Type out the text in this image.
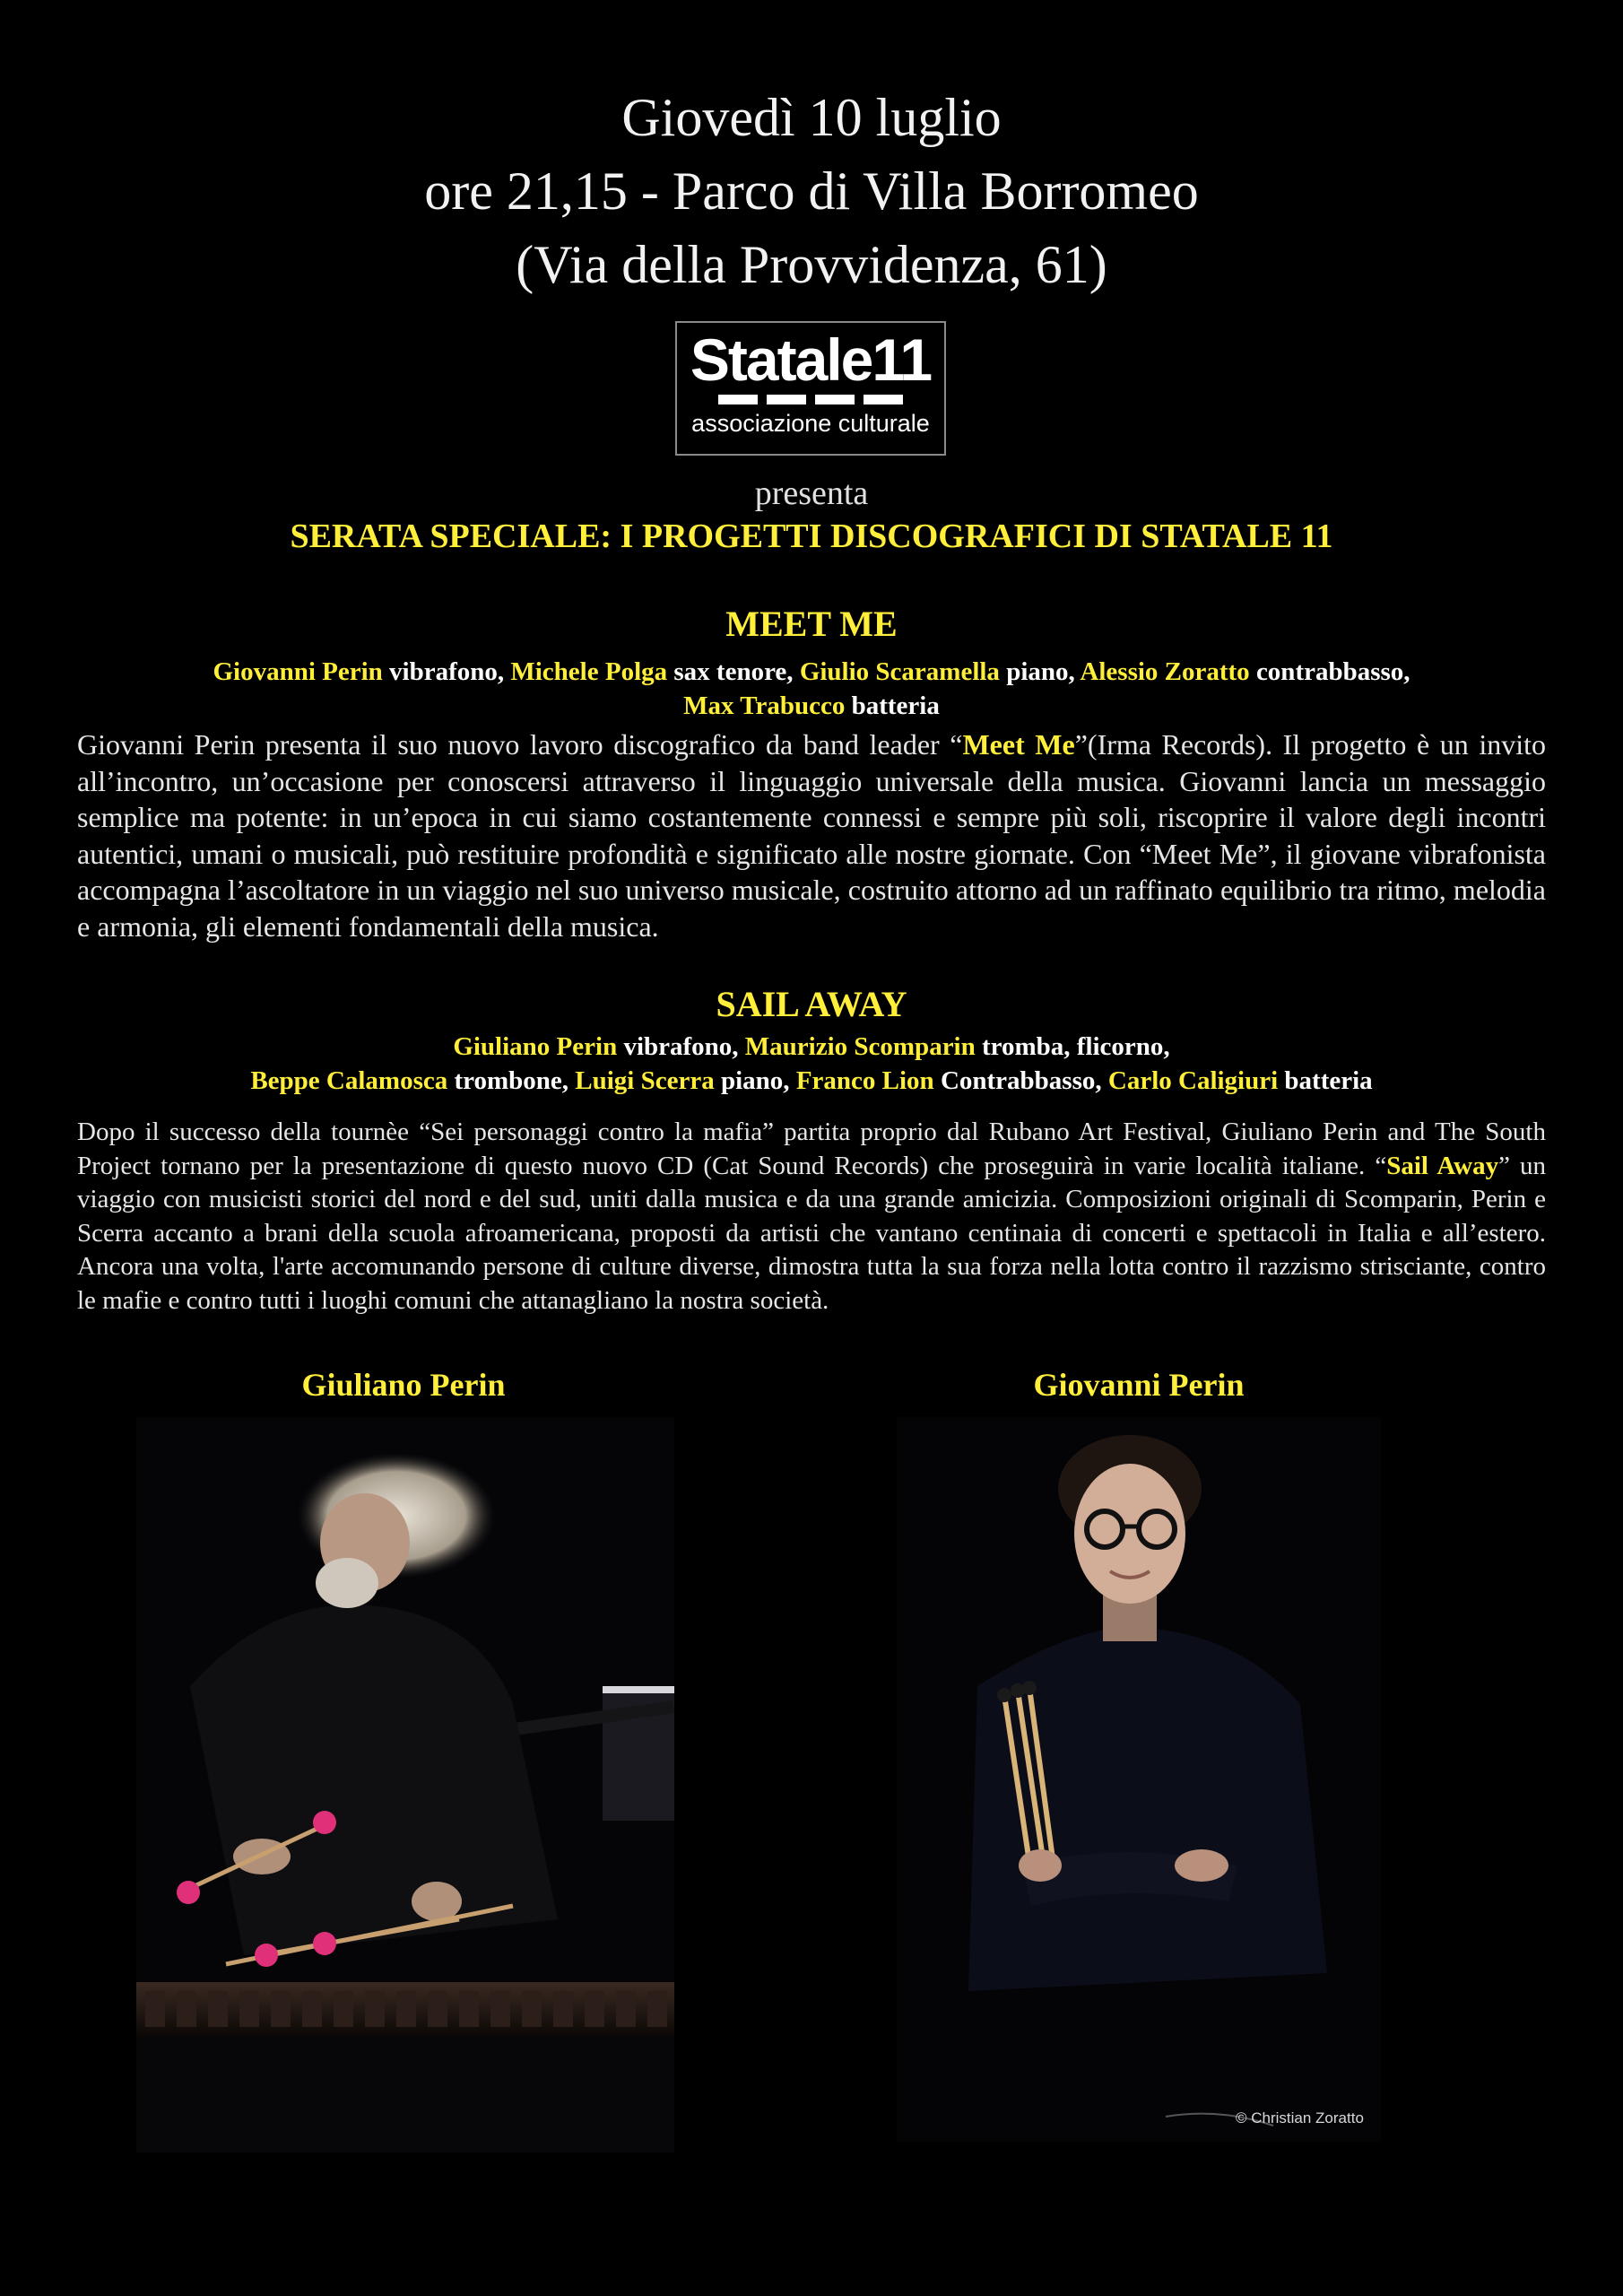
Giovedì 10 luglio
ore 21,15 - Parco di Villa Borromeo
(Via della Provvidenza, 61)
Statale11
associazione culturale
presenta
SERATA SPECIALE: I PROGETTI DISCOGRAFICI DI STATALE 11
MEET ME
Giovanni Perin vibrafono, Michele Polga sax tenore, Giulio Scaramella piano, Alessio Zoratto contrabbasso,
Max Trabucco batteria
Giovanni Perin presenta il suo nuovo lavoro discografico da band leader “Meet Me”(Irma Records). Il progetto è un invito all’incontro, un’occasione per conoscersi attraverso il linguaggio universale della musica. Giovanni lancia un messaggio semplice ma potente: in un’epoca in cui siamo costantemente connessi e sempre più soli, riscoprire il valore degli incontri autentici, umani o musicali, può restituire profondità e significato alle nostre giornate. Con “Meet Me”, il giovane vibrafonista accompagna l’ascoltatore in un viaggio nel suo universo musicale, costruito attorno ad un raffinato equilibrio tra ritmo, melodia e armonia, gli elementi fondamentali della musica.
SAIL AWAY
Giuliano Perin vibrafono, Maurizio Scomparin tromba, flicorno,
Beppe Calamosca trombone, Luigi Scerra piano, Franco Lion Contrabbasso, Carlo Caligiuri batteria
Dopo il successo della tournèe “Sei personaggi contro la mafia” partita proprio dal Rubano Art Festival, Giuliano Perin and The South Project tornano per la presentazione di questo nuovo CD (Cat Sound Records) che proseguirà in varie località italiane. “Sail Away” un viaggio con musicisti storici del nord e del sud, uniti dalla musica e da una grande amicizia. Composizioni originali di Scomparin, Perin e Scerra accanto a brani della scuola afroamericana, proposti da artisti che vantano centinaia di concerti e spettacoli in Italia e all’estero. Ancora una volta, l'arte accomunando persone di culture diverse, dimostra tutta la sua forza nella lotta contro il razzismo strisciante, contro le mafie e contro tutti i luoghi comuni che attanagliano la nostra società.
Giuliano Perin	Giovanni Perin
© Christian Zoratto
